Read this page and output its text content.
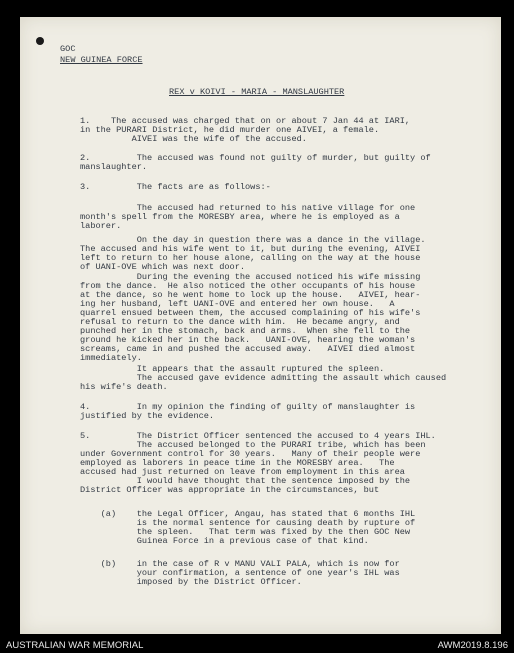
GOC
NEW GUINEA FORCE
REX v KOIVI - MARIA - MANSLAUGHTER
1.    The accused was charged that on or about 7 Jan 44 at IARI,
in the PURARI District, he did murder one AIVEI, a female.
AIVEI was the wife of the accused.
2.         The accused was found not guilty of murder, but guilty of
manslaughter.
3.         The facts are as follows:-
The accused had returned to his native village for one
month's spell from the MORESBY area, where he is employed as a
laborer.
On the day in question there was a dance in the village.
The accused and his wife went to it, but during the evening, AIVEI
left to return to her house alone, calling on the way at the house
of UANI-OVE which was next door.
During the evening the accused noticed his wife missing
from the dance.  He also noticed the other occupants of his house
at the dance, so he went home to lock up the house.   AIVEI, hear-
ing her husband, left UANI-OVE and entered her own house.   A
quarrel ensued between them, the accused complaining of his wife's
refusal to return to the dance with him.  He became angry, and
punched her in the stomach, back and arms.  When she fell to the
ground he kicked her in the back.   UANI-OVE, hearing the woman's
screams, came in and pushed the accused away.   AIVEI died almost
immediately.
It appears that the assault ruptured the spleen.
The accused gave evidence admitting the assault which caused
his wife's death.
4.         In my opinion the finding of guilty of manslaughter is
justified by the evidence.
5.         The District Officer sentenced the accused to 4 years IHL.
The accused belonged to the PURARI tribe, which has been
under Government control for 30 years.   Many of their people were
employed as laborers in peace time in the MORESBY area.   The
accused had just returned on leave from employment in this area
I would have thought that the sentence imposed by the
District Officer was appropriate in the circumstances, but
(a)    the Legal Officer, Angau, has stated that 6 months IHL
is the normal sentence for causing death by rupture of
the spleen.   That term was fixed by the then GOC New
Guinea Force in a previous case of that kind.
(b)    in the case of R v MANU VALI PALA, which is now for
your confirmation, a sentence of one year's IHL was
imposed by the District Officer.
AUSTRALIAN WAR MEMORIAL	AWM2019.8.196
